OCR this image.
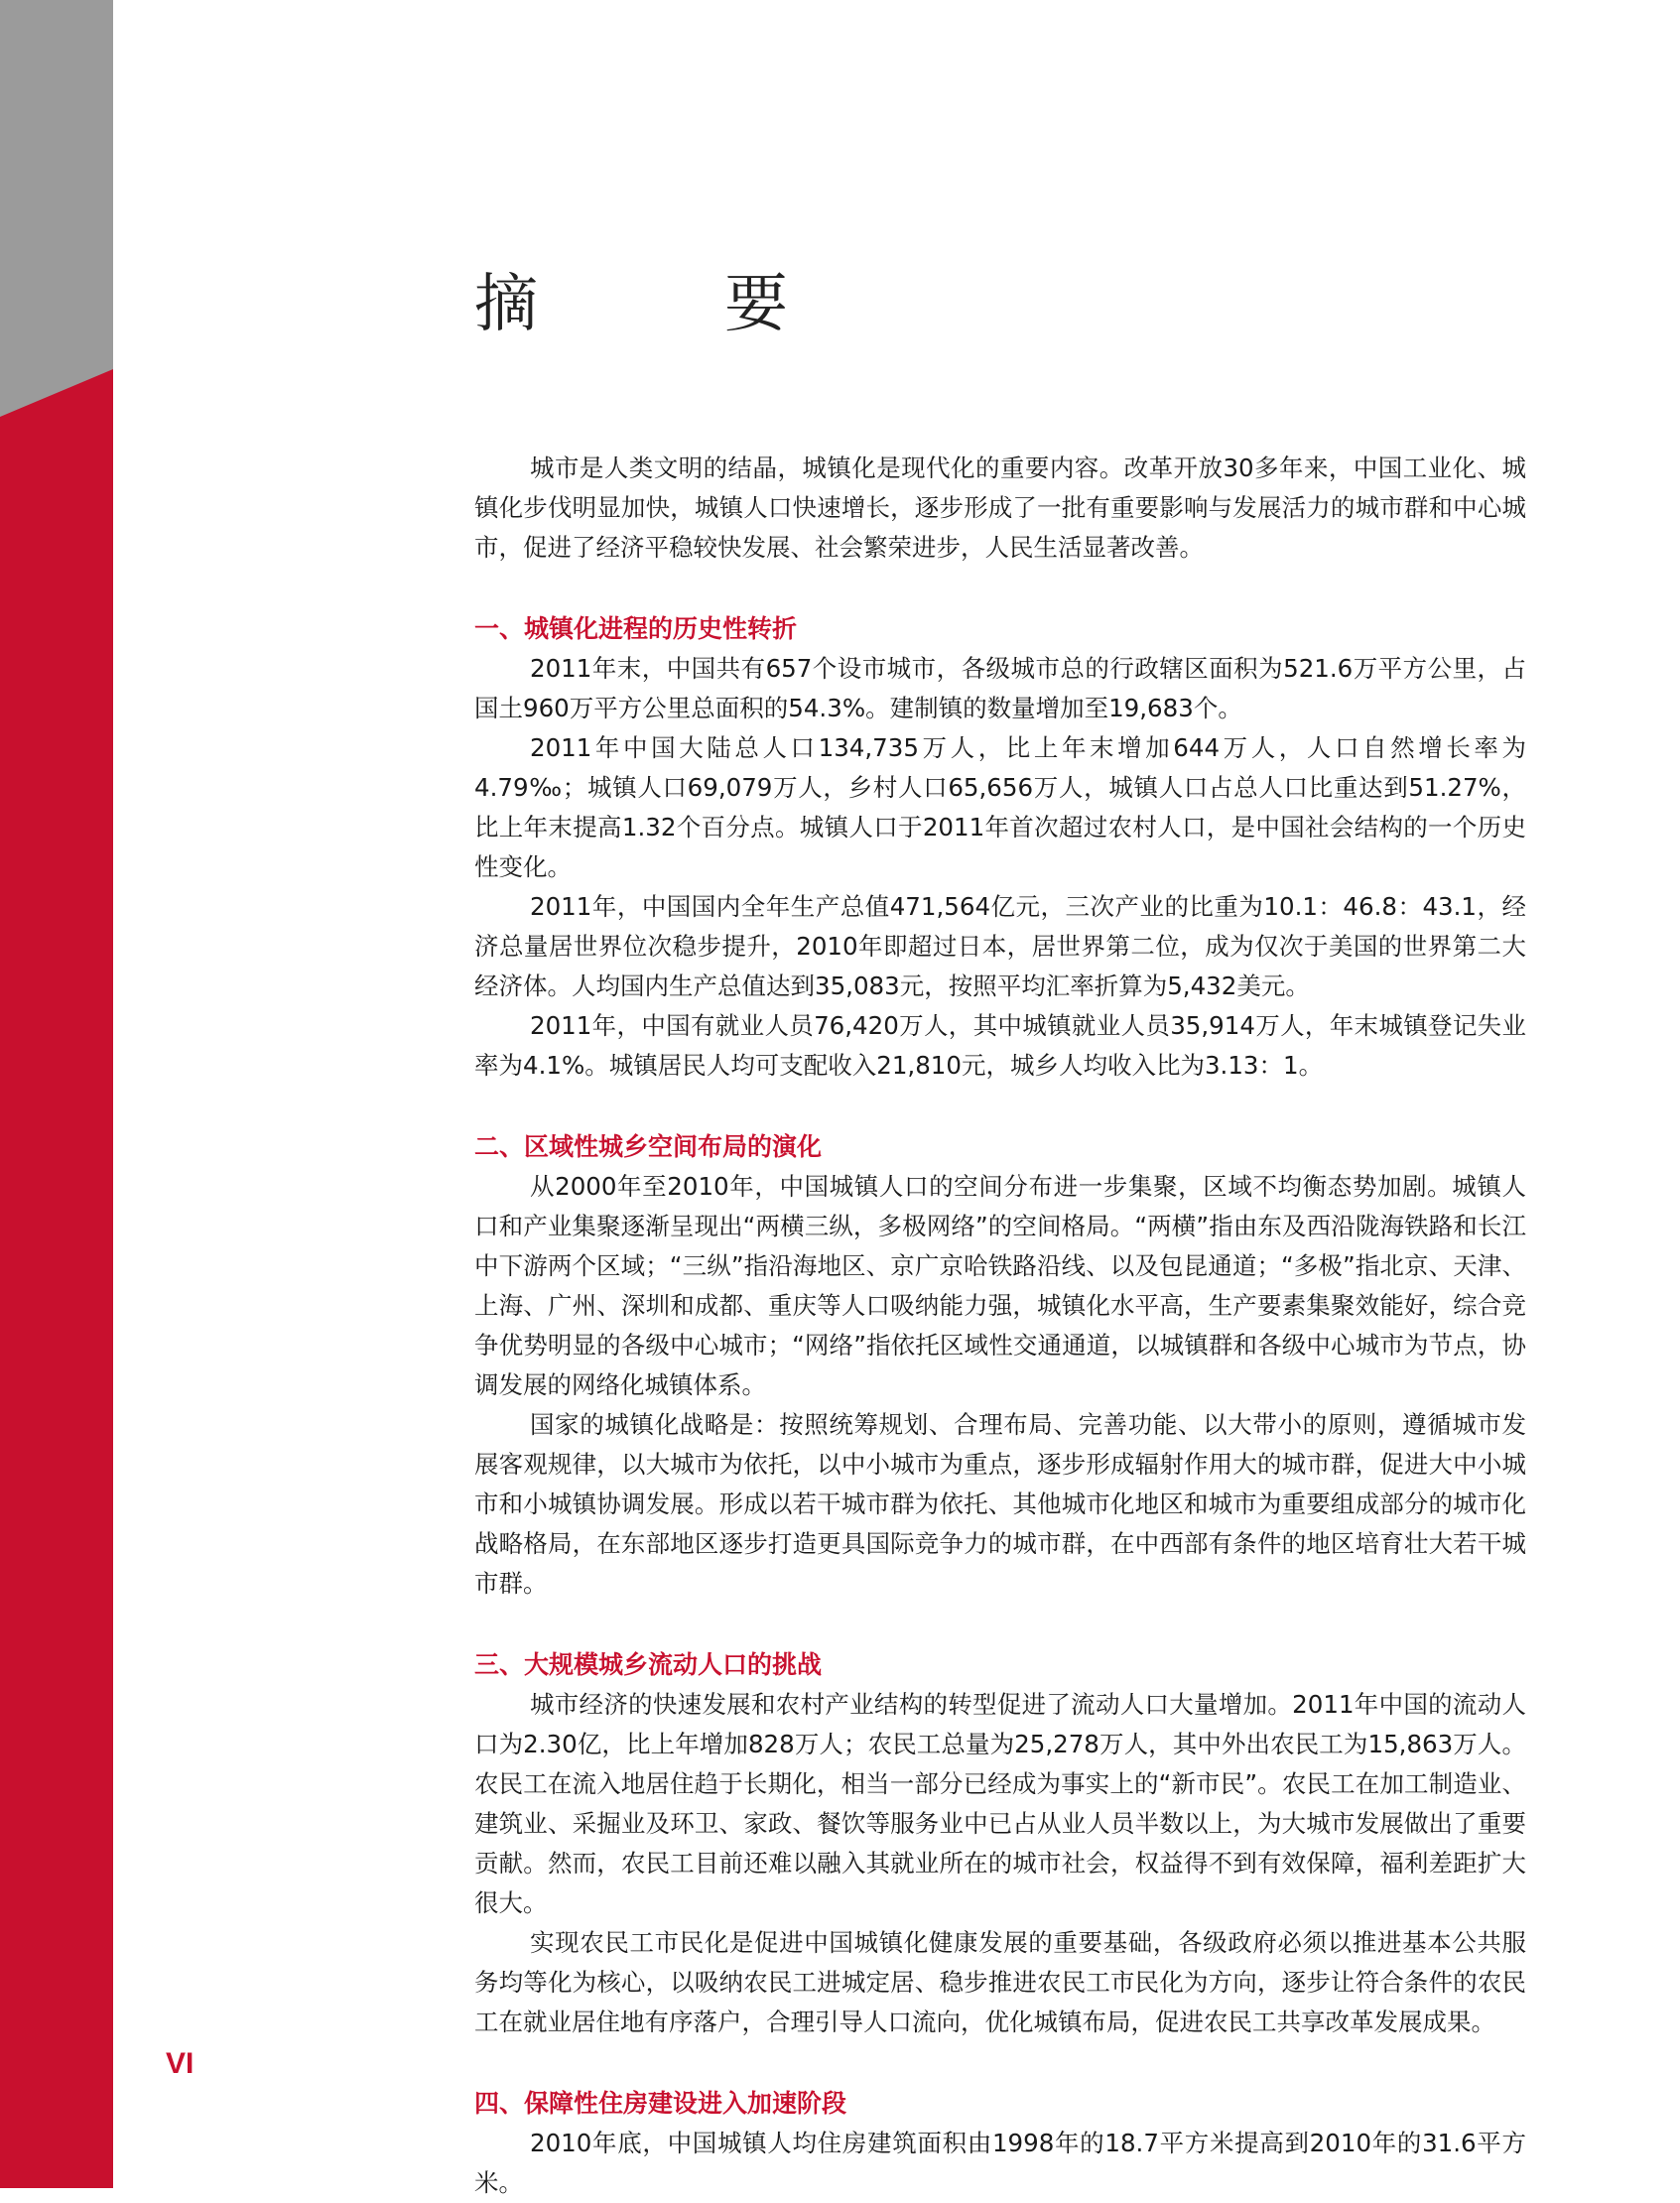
摘　要

城市是人类文明的结晶，城镇化是现代化的重要内容。改革开放30多年来，中国工业化、城镇化步伐明显加快，城镇人口快速增长，逐步形成了一批有重要影响与发展活力的城市群和中心城市，促进了经济平稳较快发展、社会繁荣进步，人民生活显著改善。

一、城镇化进程的历史性转折

2011年末，中国共有657个设市城市，各级城市总的行政辖区面积为521.6万平方公里，占国土960万平方公里总面积的54.3%。建制镇的数量增加至19,683个。

2011年中国大陆总人口134,735万人，比上年末增加644万人，人口自然增长率为4.79‰；城镇人口69,079万人，乡村人口65,656万人，城镇人口占总人口比重达到51.27%，比上年末提高1.32个百分点。城镇人口于2011年首次超过农村人口，是中国社会结构的一个历史性变化。

2011年，中国国内全年生产总值471,564亿元，三次产业的比重为10.1：46.8：43.1，经济总量居世界位次稳步提升，2010年即超过日本，居世界第二位，成为仅次于美国的世界第二大经济体。人均国内生产总值达到35,083元，按照平均汇率折算为5,432美元。

2011年，中国有就业人员76,420万人，其中城镇就业人员35,914万人，年末城镇登记失业率为4.1%。城镇居民人均可支配收入21,810元，城乡人均收入比为3.13：1。

二、区域性城乡空间布局的演化

从2000年至2010年，中国城镇人口的空间分布进一步集聚，区域不均衡态势加剧。城镇人口和产业集聚逐渐呈现出“两横三纵，多极网络”的空间格局。“两横”指由东及西沿陇海铁路和长江中下游两个区域；“三纵”指沿海地区、京广京哈铁路沿线、以及包昆通道；“多极”指北京、天津、上海、广州、深圳和成都、重庆等人口吸纳能力强，城镇化水平高，生产要素集聚效能好，综合竞争优势明显的各级中心城市；“网络”指依托区域性交通通道，以城镇群和各级中心城市为节点，协调发展的网络化城镇体系。

国家的城镇化战略是：按照统筹规划、合理布局、完善功能、以大带小的原则，遵循城市发展客观规律，以大城市为依托，以中小城市为重点，逐步形成辐射作用大的城市群，促进大中小城市和小城镇协调发展。形成以若干城市群为依托、其他城市化地区和城市为重要组成部分的城市化战略格局，在东部地区逐步打造更具国际竞争力的城市群，在中西部有条件的地区培育壮大若干城市群。

三、大规模城乡流动人口的挑战

城市经济的快速发展和农村产业结构的转型促进了流动人口大量增加。2011年中国的流动人口为2.30亿，比上年增加828万人；农民工总量为25,278万人，其中外出农民工为15,863万人。农民工在流入地居住趋于长期化，相当一部分已经成为事实上的“新市民”。农民工在加工制造业、建筑业、采掘业及环卫、家政、餐饮等服务业中已占从业人员半数以上，为大城市发展做出了重要贡献。然而，农民工目前还难以融入其就业所在的城市社会，权益得不到有效保障，福利差距扩大很大。

实现农民工市民化是促进中国城镇化健康发展的重要基础，各级政府必须以推进基本公共服务均等化为核心，以吸纳农民工进城定居、稳步推进农民工市民化为方向，逐步让符合条件的农民工在就业居住地有序落户，合理引导人口流向，优化城镇布局，促进农民工共享改革发展成果。

四、保障性住房建设进入加速阶段

2010年底，中国城镇人均住房建筑面积由1998年的18.7平方米提高到2010年的31.6平方米。

VI
